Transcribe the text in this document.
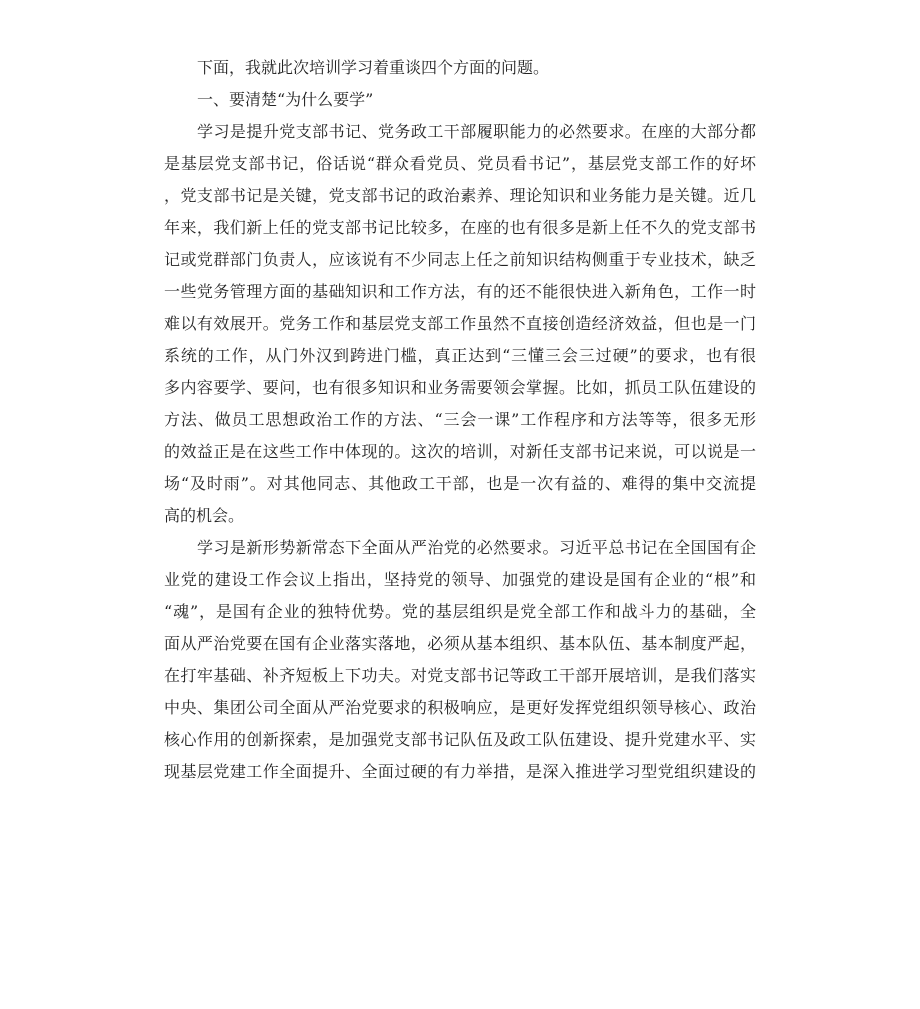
下面，我就此次培训学习着重谈四个方面的问题。
一、要清楚“为什么要学”
学习是提升党支部书记、党务政工干部履职能力的必然要求。在座的大部分都
是基层党支部书记，俗话说“群众看党员、党员看书记”，基层党支部工作的好坏
，党支部书记是关键，党支部书记的政治素养、理论知识和业务能力是关键。近几
年来，我们新上任的党支部书记比较多，在座的也有很多是新上任不久的党支部书
记或党群部门负责人，应该说有不少同志上任之前知识结构侧重于专业技术，缺乏
一些党务管理方面的基础知识和工作方法，有的还不能很快进入新角色，工作一时
难以有效展开。党务工作和基层党支部工作虽然不直接创造经济效益，但也是一门
系统的工作，从门外汉到跨进门槛，真正达到“三懂三会三过硬”的要求，也有很
多内容要学、要问，也有很多知识和业务需要领会掌握。比如，抓员工队伍建设的
方法、做员工思想政治工作的方法、“三会一课”工作程序和方法等等，很多无形
的效益正是在这些工作中体现的。这次的培训，对新任支部书记来说，可以说是一
场“及时雨”。对其他同志、其他政工干部，也是一次有益的、难得的集中交流提
高的机会。
学习是新形势新常态下全面从严治党的必然要求。习近平总书记在全国国有企
业党的建设工作会议上指出，坚持党的领导、加强党的建设是国有企业的“根”和
“魂”，是国有企业的独特优势。党的基层组织是党全部工作和战斗力的基础，全
面从严治党要在国有企业落实落地，必须从基本组织、基本队伍、基本制度严起，
在打牢基础、补齐短板上下功夫。对党支部书记等政工干部开展培训，是我们落实
中央、集团公司全面从严治党要求的积极响应，是更好发挥党组织领导核心、政治
核心作用的创新探索，是加强党支部书记队伍及政工队伍建设、提升党建水平、实
现基层党建工作全面提升、全面过硬的有力举措，是深入推进学习型党组织建设的
